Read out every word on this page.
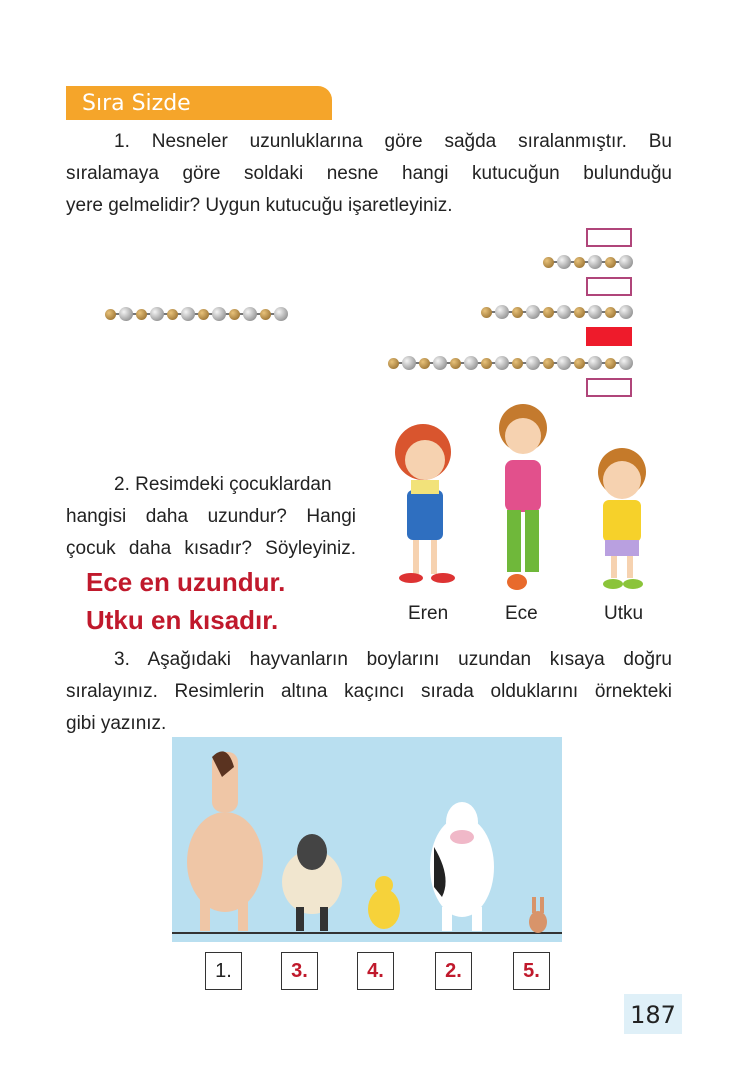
Sıra Sizde
1. Nesneler uzunluklarına göre sağda sıralanmıştır. Bu
sıralamaya göre soldaki nesne hangi kutucuğun bulunduğu
yere gelmelidir? Uygun kutucuğu işaretleyiniz.
2. Resimdeki çocuklardan
hangisi daha uzundur? Hangi
çocuk daha kısadır? Söyleyiniz.
Ece en uzundur.
Utku en kısadır.	Eren	Ece	Utku
3. Aşağıdaki hayvanların boylarını uzundan kısaya doğru
sıralayınız. Resimlerin altına kaçıncı sırada olduklarını örnekteki
gibi yazınız.
1.	3.	4.	2.	5.
187
